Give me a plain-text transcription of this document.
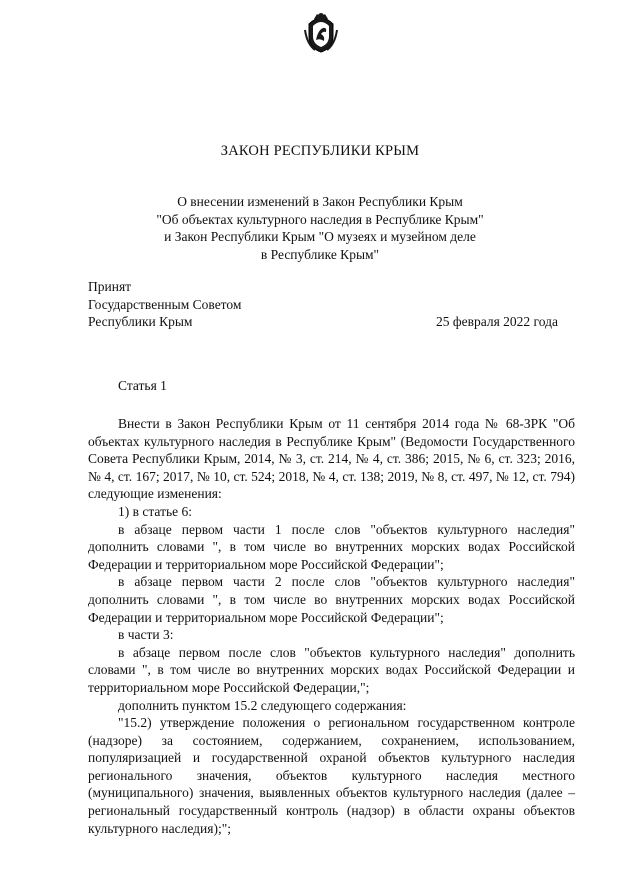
ЗАКОН РЕСПУБЛИКИ КРЫМ
О внесении изменений в Закон Республики Крым
"Об объектах культурного наследия в Республике Крым"
и Закон Республики Крым "О музеях и музейном деле
в Республике Крым"
Принят
Государственным Советом
Республики Крым	25 февраля 2022 года
Статья 1

Внести в Закон Республики Крым от 11 сентября 2014 года № 68-ЗРК "Об объектах культурного наследия в Республике Крым" (Ведомости Государственного Совета Республики Крым, 2014, № 3, ст. 214, № 4, ст. 386; 2015, № 6, ст. 323; 2016, № 4, ст. 167; 2017, № 10, ст. 524; 2018, № 4, ст. 138; 2019, № 8, ст. 497, № 12, ст. 794) следующие изменения:

1) в статье 6:

в абзаце первом части 1 после слов "объектов культурного наследия" дополнить словами ", в том числе во внутренних морских водах Российской Федерации и территориальном море Российской Федерации";

в абзаце первом части 2 после слов "объектов культурного наследия" дополнить словами ", в том числе во внутренних морских водах Российской Федерации и территориальном море Российской Федерации";

в части 3:

в абзаце первом после слов "объектов культурного наследия" дополнить словами ", в том числе во внутренних морских водах Российской Федерации и территориальном море Российской Федерации,";

дополнить пунктом 15.2 следующего содержания:

"15.2) утверждение положения о региональном государственном контроле (надзоре) за состоянием, содержанием, сохранением, использованием, популяризацией и государственной охраной объектов культурного наследия регионального значения, объектов культурного наследия местного (муниципального) значения, выявленных объектов культурного наследия (далее – региональный государственный контроль (надзор) в области охраны объектов культурного наследия);";
